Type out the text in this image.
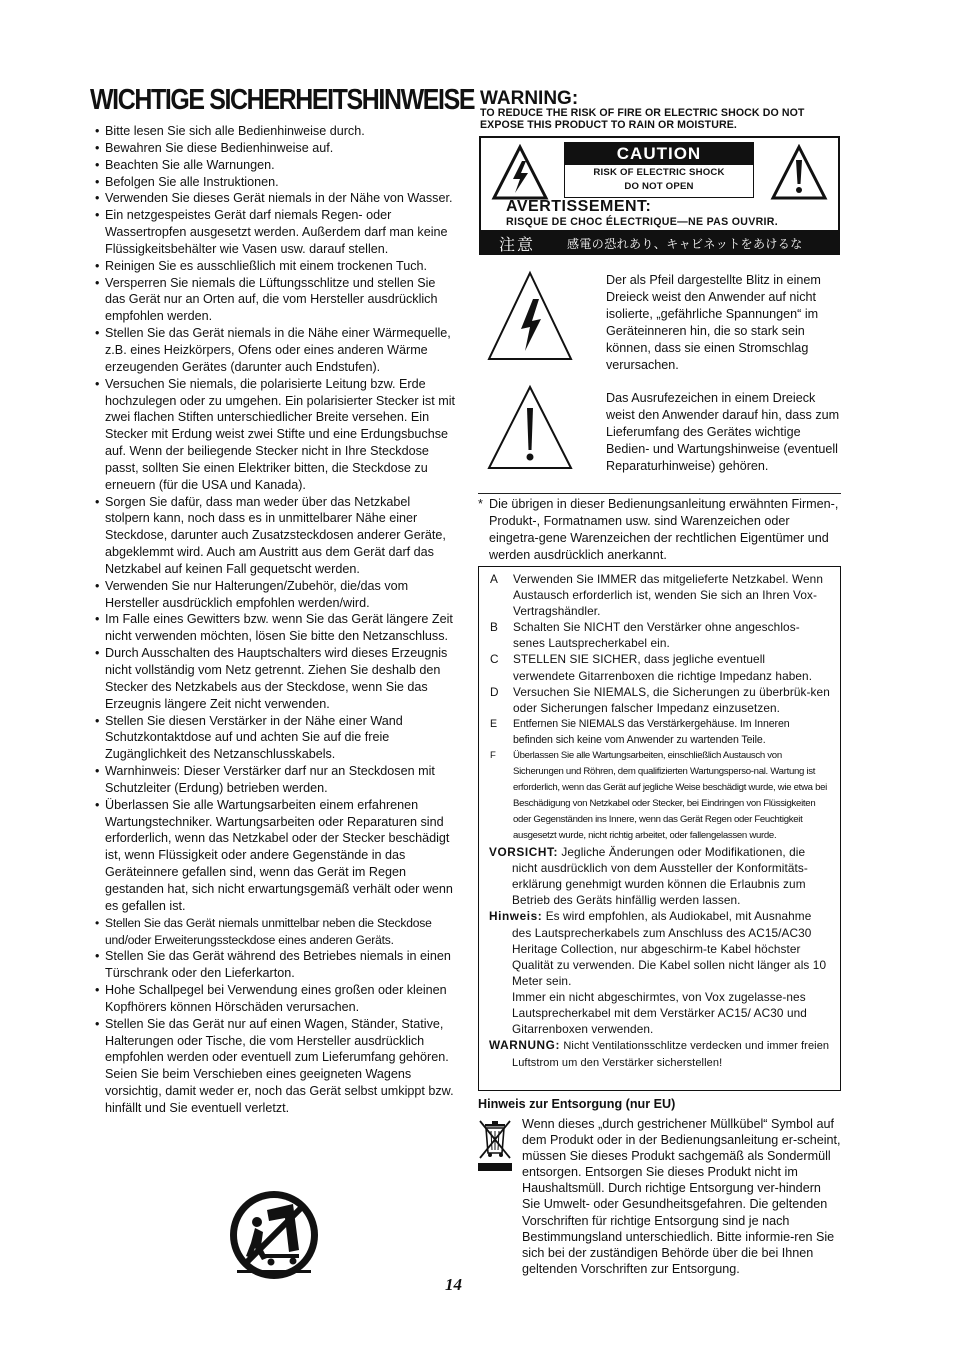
WICHTIGE SICHERHEITSHINWEISE
• Bitte lesen Sie sich alle Bedienhinweise durch.
• Bewahren Sie diese Bedienhinweise auf.
• Beachten Sie alle Warnungen.
• Befolgen Sie alle Instruktionen.
• Verwenden Sie dieses Gerät niemals in der Nähe von Wasser.
• Ein netzgespeistes Gerät darf niemals Regen- oder Wassertropfen ausgesetzt werden. Außerdem darf man keine Flüssigkeitsbehälter wie Vasen usw. darauf stellen.
• Reinigen Sie es ausschließlich mit einem trockenen Tuch.
• Versperren Sie niemals die Lüftungsschlitze und stellen Sie das Gerät nur an Orten auf, die vom Hersteller ausdrücklich empfohlen werden.
• Stellen Sie das Gerät niemals in die Nähe einer Wärmequelle, z.B. eines Heizkörpers, Ofens oder eines anderen Wärme erzeugenden Gerätes (darunter auch Endstufen).
• Versuchen Sie niemals, die polarisierte Leitung bzw. Erde hochzulegen oder zu umgehen. Ein polarisierter Stecker ist mit zwei flachen Stiften unterschiedlicher Breite versehen. Ein Stecker mit Erdung weist zwei Stifte und eine Erdungsbuchse auf. Wenn der beiliegende Stecker nicht in Ihre Steckdose passt, sollten Sie einen Elektriker bitten, die Steckdose zu erneuern (für die USA und Kanada).
• Sorgen Sie dafür, dass man weder über das Netzkabel stolpern kann, noch dass es in unmittelbarer Nähe einer Steckdose, darunter auch Zusatzsteckdosen anderer Geräte, abgeklemmt wird. Auch am Austritt aus dem Gerät darf das Netzkabel auf keinen Fall gequetscht werden.
• Verwenden Sie nur Halterungen/Zubehör, die/das vom Hersteller ausdrücklich empfohlen werden/wird.
• Im Falle eines Gewitters bzw. wenn Sie das Gerät längere Zeit nicht verwenden möchten, lösen Sie bitte den Netzanschluss.
• Durch Ausschalten des Hauptschalters wird dieses Erzeugnis nicht vollständig vom Netz getrennt. Ziehen Sie deshalb den Stecker des Netzkabels aus der Steckdose, wenn Sie das Erzeugnis längere Zeit nicht verwenden.
• Stellen Sie diesen Verstärker in der Nähe einer Wand Schutzkontaktdose auf und achten Sie auf die freie Zugänglichkeit des Netzanschlusskabels.
• Warnhinweis: Dieser Verstärker darf nur an Steckdosen mit Schutzleiter (Erdung) betrieben werden.
• Überlassen Sie alle Wartungsarbeiten einem erfahrenen Wartungstechniker. Wartungsarbeiten oder Reparaturen sind erforderlich, wenn das Netzkabel oder der Stecker beschädigt ist, wenn Flüssigkeit oder andere Gegenstände in das Geräteinnere gefallen sind, wenn das Gerät im Regen gestanden hat, sich nicht erwartungsgemäß verhält oder wenn es gefallen ist.
• Stellen Sie das Gerät niemals unmittelbar neben die Steckdose und/oder Erweiterungssteckdose eines anderen Geräts.
• Stellen Sie das Gerät während des Betriebes niemals in einen Türschrank oder den Lieferkarton.
• Hohe Schallpegel bei Verwendung eines großen oder kleinen Kopfhörers können Hörschäden verursachen.
• Stellen Sie das Gerät nur auf einen Wagen, Ständer, Stative, Halterungen oder Tische, die vom Hersteller ausdrücklich empfohlen werden oder eventuell zum Lieferumfang gehören. Seien Sie beim Verschieben eines geeigneten Wagens vorsichtig, damit weder er, noch das Gerät selbst umkippt bzw. hinfällt und Sie eventuell verletzt.
WARNING:

TO REDUCE THE RISK OF FIRE OR ELECTRIC SHOCK DO NOT EXPOSE THIS PRODUCT TO RAIN OR MOISTURE.

CAUTION
RISK OF ELECTRIC SHOCK
DO NOT OPEN
AVERTISSEMENT:
RISQUE DE CHOC ÉLECTRIQUE—NE PAS OUVRIR.
注意	感電の恐れあり、キャビネットをあけるな

Der als Pfeil dargestellte Blitz in einem Dreieck weist den Anwender auf nicht isolierte, „gefährliche Spannungen“ im Geräteinneren hin, die so stark sein können, dass sie einen Stromschlag verursachen.

Das Ausrufezeichen in einem Dreieck weist den Anwender darauf hin, dass zum Lieferumfang des Gerätes wichtige Bedien- und Wartungshinweise (eventuell Reparaturhinweise) gehören.

* Die übrigen in dieser Bedienungsanleitung erwähnten Firmen-, Produkt-, Formatnamen usw. sind Warenzeichen oder eingetra-gene Warenzeichen der rechtlichen Eigentümer und werden ausdrücklich anerkannt.

A Verwenden Sie IMMER das mitgelieferte Netzkabel. Wenn Austausch erforderlich ist, wenden Sie sich an Ihren Vox-Vertragshändler.
B Schalten Sie NICHT den Verstärker ohne angeschlos-senes Lautsprecherkabel ein.
C STELLEN SIE SICHER, dass jegliche eventuell verwendete Gitarrenboxen die richtige Impedanz haben.
D Versuchen Sie NIEMALS, die Sicherungen zu überbrük-ken oder Sicherungen falscher Impedanz einzusetzen.
E Entfernen Sie NIEMALS das Verstärkergehäuse. Im Inneren befinden sich keine vom Anwender zu wartenden Teile.
F Überlassen Sie alle Wartungsarbeiten, einschließlich Austausch von Sicherungen und Röhren, dem qualifizierten Wartungsperso-nal. Wartung ist erforderlich, wenn das Gerät auf jegliche Weise beschädigt wurde, wie etwa bei Beschädigung von Netzkabel oder Stecker, bei Eindringen von Flüssigkeiten oder Gegenständen ins Innere, wenn das Gerät Regen oder Feuchtigkeit ausgesetzt wurde, nicht richtig arbeitet, oder fallengelassen wurde.
VORSICHT: Jegliche Änderungen oder Modifikationen, die nicht ausdrücklich von dem Aussteller der Konformitäts-erklärung genehmigt wurden können die Erlaubnis zum Betrieb des Geräts hinfällig werden lassen.
Hinweis: Es wird empfohlen, als Audiokabel, mit Ausnahme des Lautsprecherkabels zum Anschluss des AC15/AC30 Heritage Collection, nur abgeschirm-te Kabel höchster Qualität zu verwenden. Die Kabel sollen nicht länger als 10 Meter sein.
Immer ein nicht abgeschirmtes, von Vox zugelasse-nes Lautsprecherkabel mit dem Verstärker AC15/ AC30 und Gitarrenboxen verwenden.
WARNUNG: Nicht Ventilationsschlitze verdecken und immer freien Luftstrom um den Verstärker sicherstellen!

Hinweis zur Entsorgung (nur EU)

Wenn dieses „durch gestrichener Müllkübel“ Symbol auf dem Produkt oder in der Bedienungsanleitung er-scheint, müssen Sie dieses Produkt sachgemäß als Sondermüll entsorgen. Entsorgen Sie dieses Produkt nicht im Haushaltsmüll. Durch richtige Entsorgung ver-hindern Sie Umwelt- oder Gesundheitsgefahren. Die geltenden Vorschriften für richtige Entsorgung sind je nach Bestimmungsland unterschiedlich. Bitte informie-ren Sie sich bei der zuständigen Behörde über die bei Ihnen geltenden Vorschriften zur Entsorgung.

14
